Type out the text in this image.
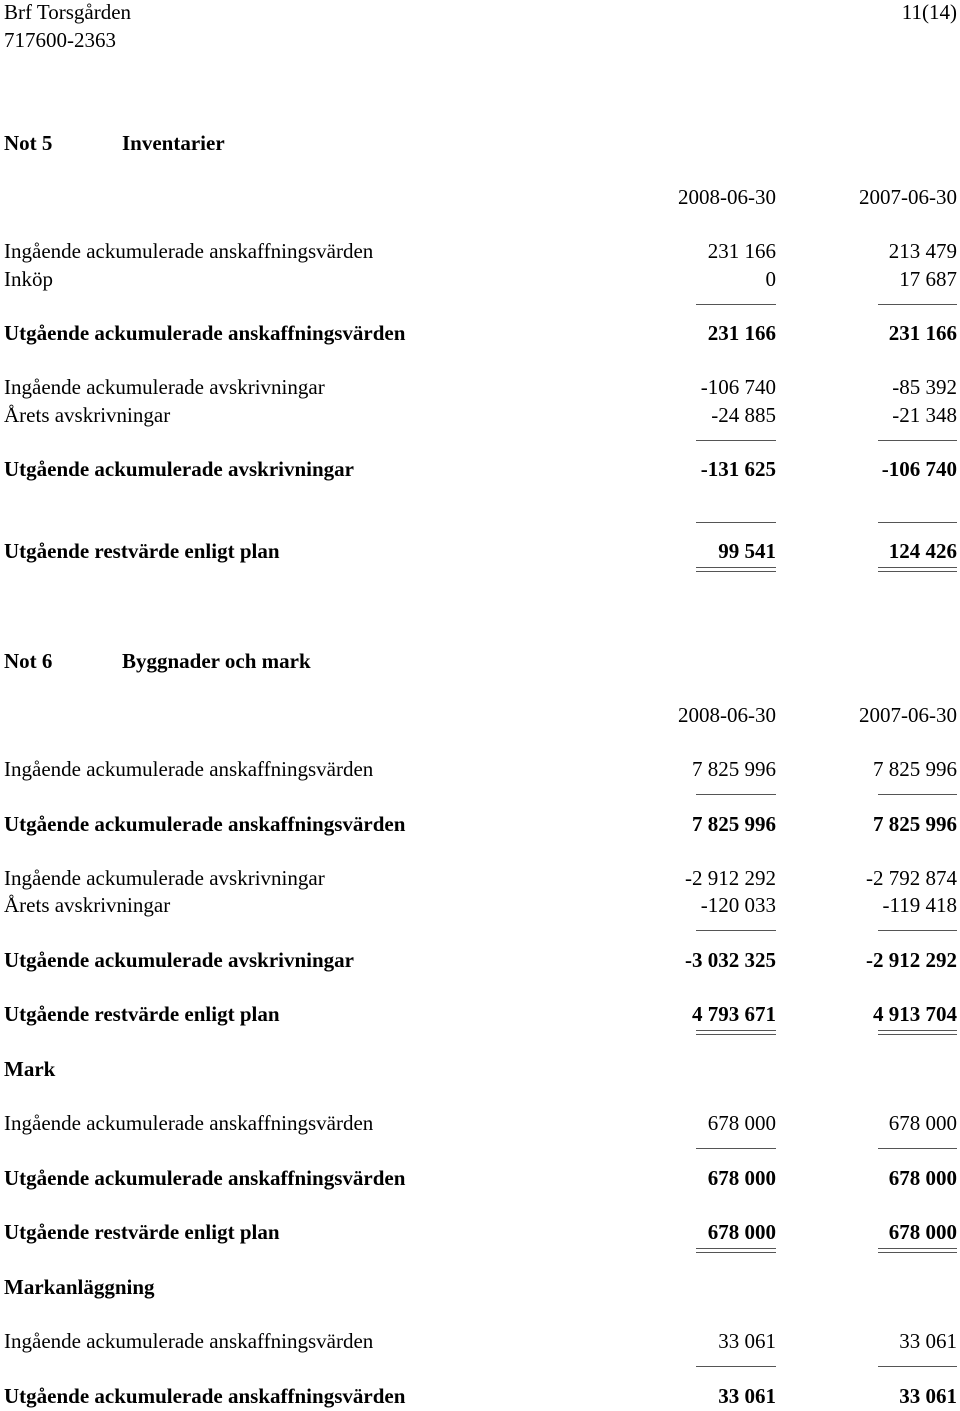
Brf Torsgården
717600-2363
11(14)
Not 5	Inventarier
2008-06-30	2007-06-30
Ingående ackumulerade anskaffningsvärden	231 166	213 479
Inköp	0	17 687
Utgående ackumulerade anskaffningsvärden	231 166	231 166
Ingående ackumulerade avskrivningar	-106 740	-85 392
Årets avskrivningar	-24 885	-21 348
Utgående ackumulerade avskrivningar	-131 625	-106 740
Utgående restvärde enligt plan	99 541	124 426
Not 6	Byggnader och mark
2008-06-30	2007-06-30
Ingående ackumulerade anskaffningsvärden	7 825 996	7 825 996
Utgående ackumulerade anskaffningsvärden	7 825 996	7 825 996
Ingående ackumulerade avskrivningar	-2 912 292	-2 792 874
Årets avskrivningar	-120 033	-119 418
Utgående ackumulerade avskrivningar	-3 032 325	-2 912 292
Utgående restvärde enligt plan	4 793 671	4 913 704
Mark
Ingående ackumulerade anskaffningsvärden	678 000	678 000
Utgående ackumulerade anskaffningsvärden	678 000	678 000
Utgående restvärde enligt plan	678 000	678 000
Markanläggning
Ingående ackumulerade anskaffningsvärden	33 061	33 061
Utgående ackumulerade anskaffningsvärden	33 061	33 061
